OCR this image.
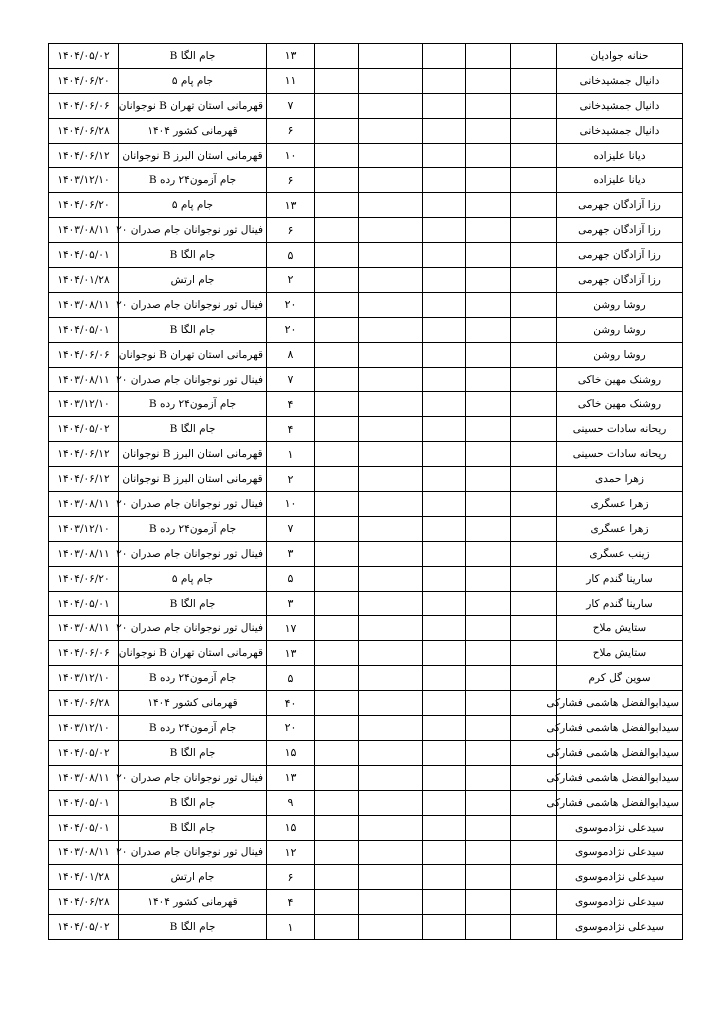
۱۴۰۴/۰۵/۰۲	جام الگا B	۱۳						حنانه جوادیان
۱۴۰۴/۰۶/۲۰	جام پام ۵	۱۱						دانیال جمشیدخانی
۱۴۰۴/۰۶/۰۶	قهرمانی استان تهران B نوجوانان	۷						دانیال جمشیدخانی
۱۴۰۴/۰۶/۲۸	قهرمانی کشور ۱۴۰۴	۶						دانیال جمشیدخانی
۱۴۰۴/۰۶/۱۲	قهرمانی استان البرز B نوجوانان	۱۰						دیانا علیزاده
۱۴۰۳/۱۲/۱۰	جام آزمون۲۴ رده B	۶						دیانا علیزاده
۱۴۰۴/۰۶/۲۰	جام پام ۵	۱۳						رزا آزادگان جهرمی
۱۴۰۳/۰۸/۱۱	فینال تور نوجوانان جام صدران ۲۰	۶						رزا آزادگان جهرمی
۱۴۰۴/۰۵/۰۱	جام الگا B	۵						رزا آزادگان جهرمی
۱۴۰۴/۰۱/۲۸	جام ارتش	۲						رزا آزادگان جهرمی
۱۴۰۳/۰۸/۱۱	فینال تور نوجوانان جام صدران ۲۰	۲۰						روشا روشن
۱۴۰۴/۰۵/۰۱	جام الگا B	۲۰						روشا روشن
۱۴۰۴/۰۶/۰۶	قهرمانی استان تهران B نوجوانان	۸						روشا روشن
۱۴۰۳/۰۸/۱۱	فینال تور نوجوانان جام صدران ۲۰	۷						روشنک مهین خاکی
۱۴۰۳/۱۲/۱۰	جام آزمون۲۴ رده B	۴						روشنک مهین خاکی
۱۴۰۴/۰۵/۰۲	جام الگا B	۴						ریحانه سادات حسینی
۱۴۰۴/۰۶/۱۲	قهرمانی استان البرز B نوجوانان	۱						ریحانه سادات حسینی
۱۴۰۴/۰۶/۱۲	قهرمانی استان البرز B نوجوانان	۲						زهرا حمدی
۱۴۰۳/۰۸/۱۱	فینال تور نوجوانان جام صدران ۲۰	۱۰						زهرا عسگری
۱۴۰۳/۱۲/۱۰	جام آزمون۲۴ رده B	۷						زهرا عسگری
۱۴۰۳/۰۸/۱۱	فینال تور نوجوانان جام صدران ۲۰	۳						زینب عسگری
۱۴۰۴/۰۶/۲۰	جام پام ۵	۵						سارینا گندم کار
۱۴۰۴/۰۵/۰۱	جام الگا B	۳						سارینا گندم کار
۱۴۰۳/۰۸/۱۱	فینال تور نوجوانان جام صدران ۲۰	۱۷						ستایش ملاح
۱۴۰۴/۰۶/۰۶	قهرمانی استان تهران B نوجوانان	۱۳						ستایش ملاح
۱۴۰۳/۱۲/۱۰	جام آزمون۲۴ رده B	۵						سوین گل کرم
۱۴۰۴/۰۶/۲۸	قهرمانی کشور ۱۴۰۴	۴۰						سیدابوالفضل هاشمی فشارکی
۱۴۰۳/۱۲/۱۰	جام آزمون۲۴ رده B	۲۰						سیدابوالفضل هاشمی فشارکی
۱۴۰۴/۰۵/۰۲	جام الگا B	۱۵						سیدابوالفضل هاشمی فشارکی
۱۴۰۳/۰۸/۱۱	فینال تور نوجوانان جام صدران ۲۰	۱۳						سیدابوالفضل هاشمی فشارکی
۱۴۰۴/۰۵/۰۱	جام الگا B	۹						سیدابوالفضل هاشمی فشارکی
۱۴۰۴/۰۵/۰۱	جام الگا B	۱۵						سیدعلی نژادموسوی
۱۴۰۳/۰۸/۱۱	فینال تور نوجوانان جام صدران ۲۰	۱۲						سیدعلی نژادموسوی
۱۴۰۴/۰۱/۲۸	جام ارتش	۶						سیدعلی نژادموسوی
۱۴۰۴/۰۶/۲۸	قهرمانی کشور ۱۴۰۴	۴						سیدعلی نژادموسوی
۱۴۰۴/۰۵/۰۲	جام الگا B	۱						سیدعلی نژادموسوی
